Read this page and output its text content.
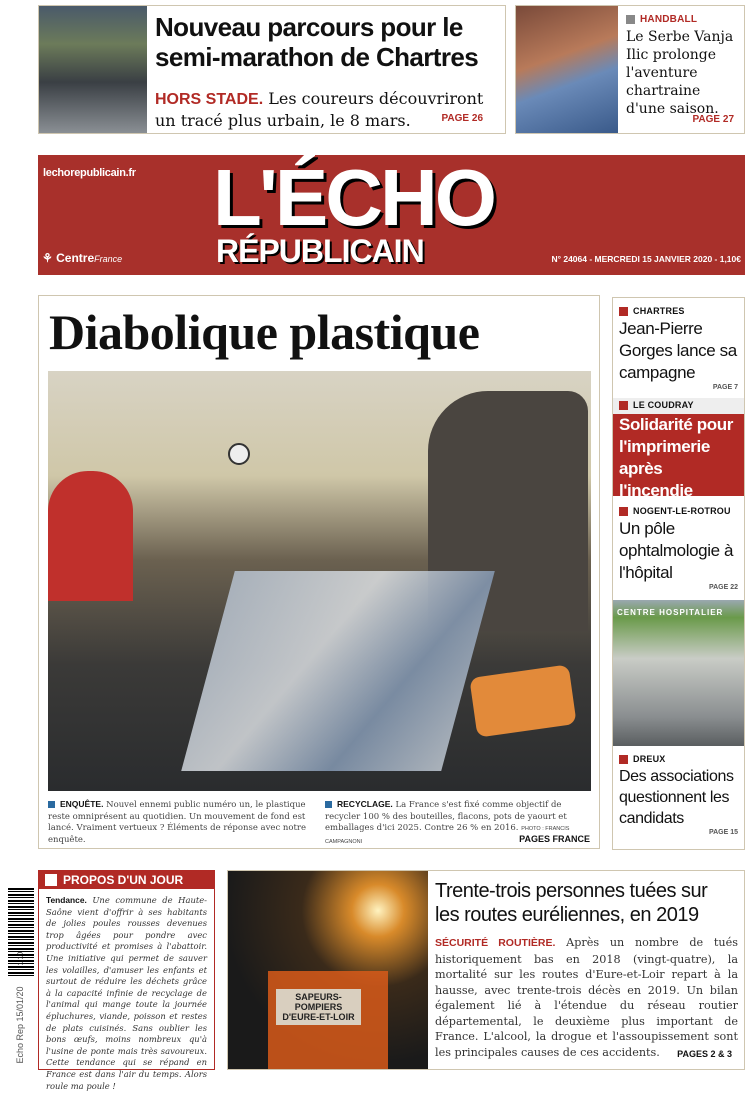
Nouveau parcours pour le semi-marathon de Chartres
HORS STADE. Les coureurs découvriront un tracé plus urbain, le 8 mars.	PAGE 26
HANDBALL
Le Serbe Vanja Ilic prolonge l'aventure chartraine d'une saison.
PAGE 27
lechorepublicain.fr L'ÉCHO
RÉPUBLICAIN
⚘ CentreFrance	N° 24064 - MERCREDI 15 JANVIER 2020 - 1,10€
Diabolique plastique
ENQUÊTE. Nouvel ennemi public numéro un, le plastique reste omniprésent au quotidien. Un mouvement de fond est lancé. Vraiment vertueux ? Éléments de réponse avec notre enquête.
RECYCLAGE. La France s'est fixé comme objectif de recycler 100 % des bouteilles, flacons, pots de yaourt et emballages d'ici 2025. Contre 26 % en 2016. PHOTO : FRANCIS CAMPAGNONI	PAGES FRANCE
CHARTRES
Jean-Pierre Gorges lance sa campagne
PAGE 7
LE COUDRAY
Solidarité pour l'imprimerie après l'incendie
PAGE 4
NOGENT-LE-ROTROU
Un pôle ophtalmologie à l'hôpital
PAGE 22
CENTRE HOSPITALIER
DREUX
Des associations questionnent les candidats
PAGE 15
Echo Rep 15/01/20
1,10
PROPOS D'UN JOUR
Tendance. Une commune de Haute-Saône vient d'offrir à ses habitants de jolies poules rousses devenues trop âgées pour pondre avec productivité et promises à l'abattoir. Une initiative qui permet de sauver les volailles, d'amuser les enfants et surtout de réduire les déchets grâce à la capacité infinie de recyclage de l'animal qui mange toute la journée épluchures, viande, poisson et restes de plats cuisinés. Sans oublier les bons œufs, moins nombreux qu'à l'usine de ponte mais très savoureux. Cette tendance qui se répand en France est dans l'air du temps. Alors roule ma poule !
SAPEURS-POMPIERS D'EURE-ET-LOIR
Trente-trois personnes tuées sur les routes euréliennes, en 2019
SÉCURITÉ ROUTIÈRE. Après un nombre de tués historiquement bas en 2018 (vingt-quatre), la mortalité sur les routes d'Eure-et-Loir repart à la hausse, avec trente-trois décès en 2019. Un bilan également lié à l'étendue du réseau routier départemental, le deuxième plus important de France. L'alcool, la drogue et l'assoupissement sont les principales causes de ces accidents.	PAGES 2 & 3
